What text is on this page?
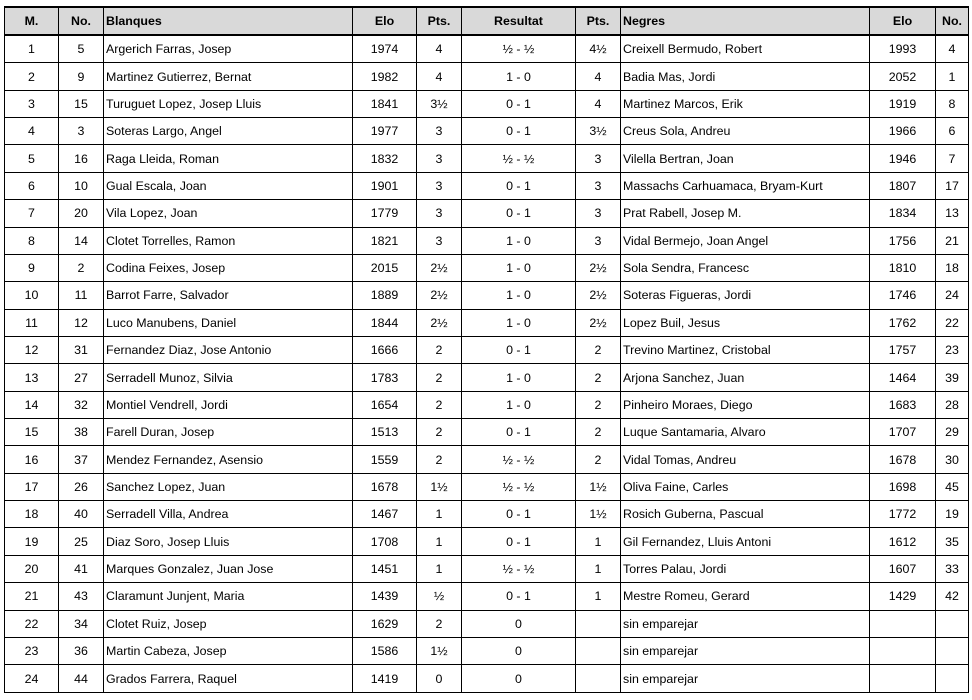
M.	No.	Blanques	Elo	Pts.	Resultat	Pts.	Negres	Elo	No.
1	5	Argerich Farras, Josep	1974	4	½ - ½	4½	Creixell Bermudo, Robert	1993	4
2	9	Martinez Gutierrez, Bernat	1982	4	1 - 0	4	Badia Mas, Jordi	2052	1
3	15	Turuguet Lopez, Josep Lluis	1841	3½	0 - 1	4	Martinez Marcos, Erik	1919	8
4	3	Soteras Largo, Angel	1977	3	0 - 1	3½	Creus Sola, Andreu	1966	6
5	16	Raga Lleida, Roman	1832	3	½ - ½	3	Vilella Bertran, Joan	1946	7
6	10	Gual Escala, Joan	1901	3	0 - 1	3	Massachs Carhuamaca, Bryam-Kurt	1807	17
7	20	Vila Lopez, Joan	1779	3	0 - 1	3	Prat Rabell, Josep M.	1834	13
8	14	Clotet Torrelles, Ramon	1821	3	1 - 0	3	Vidal Bermejo, Joan Angel	1756	21
9	2	Codina Feixes, Josep	2015	2½	1 - 0	2½	Sola Sendra, Francesc	1810	18
10	11	Barrot Farre, Salvador	1889	2½	1 - 0	2½	Soteras Figueras, Jordi	1746	24
11	12	Luco Manubens, Daniel	1844	2½	1 - 0	2½	Lopez Buil, Jesus	1762	22
12	31	Fernandez Diaz, Jose Antonio	1666	2	0 - 1	2	Trevino Martinez, Cristobal	1757	23
13	27	Serradell Munoz, Silvia	1783	2	1 - 0	2	Arjona Sanchez, Juan	1464	39
14	32	Montiel Vendrell, Jordi	1654	2	1 - 0	2	Pinheiro Moraes, Diego	1683	28
15	38	Farell Duran, Josep	1513	2	0 - 1	2	Luque Santamaria, Alvaro	1707	29
16	37	Mendez Fernandez, Asensio	1559	2	½ - ½	2	Vidal Tomas, Andreu	1678	30
17	26	Sanchez Lopez, Juan	1678	1½	½ - ½	1½	Oliva Faine, Carles	1698	45
18	40	Serradell Villa, Andrea	1467	1	0 - 1	1½	Rosich Guberna, Pascual	1772	19
19	25	Diaz Soro, Josep Lluis	1708	1	0 - 1	1	Gil Fernandez, Lluis Antoni	1612	35
20	41	Marques Gonzalez, Juan Jose	1451	1	½ - ½	1	Torres Palau, Jordi	1607	33
21	43	Claramunt Junjent, Maria	1439	½	0 - 1	1	Mestre Romeu, Gerard	1429	42
22	34	Clotet Ruiz, Josep	1629	2	0		sin emparejar		
23	36	Martin Cabeza, Josep	1586	1½	0		sin emparejar		
24	44	Grados Farrera, Raquel	1419	0	0		sin emparejar		
